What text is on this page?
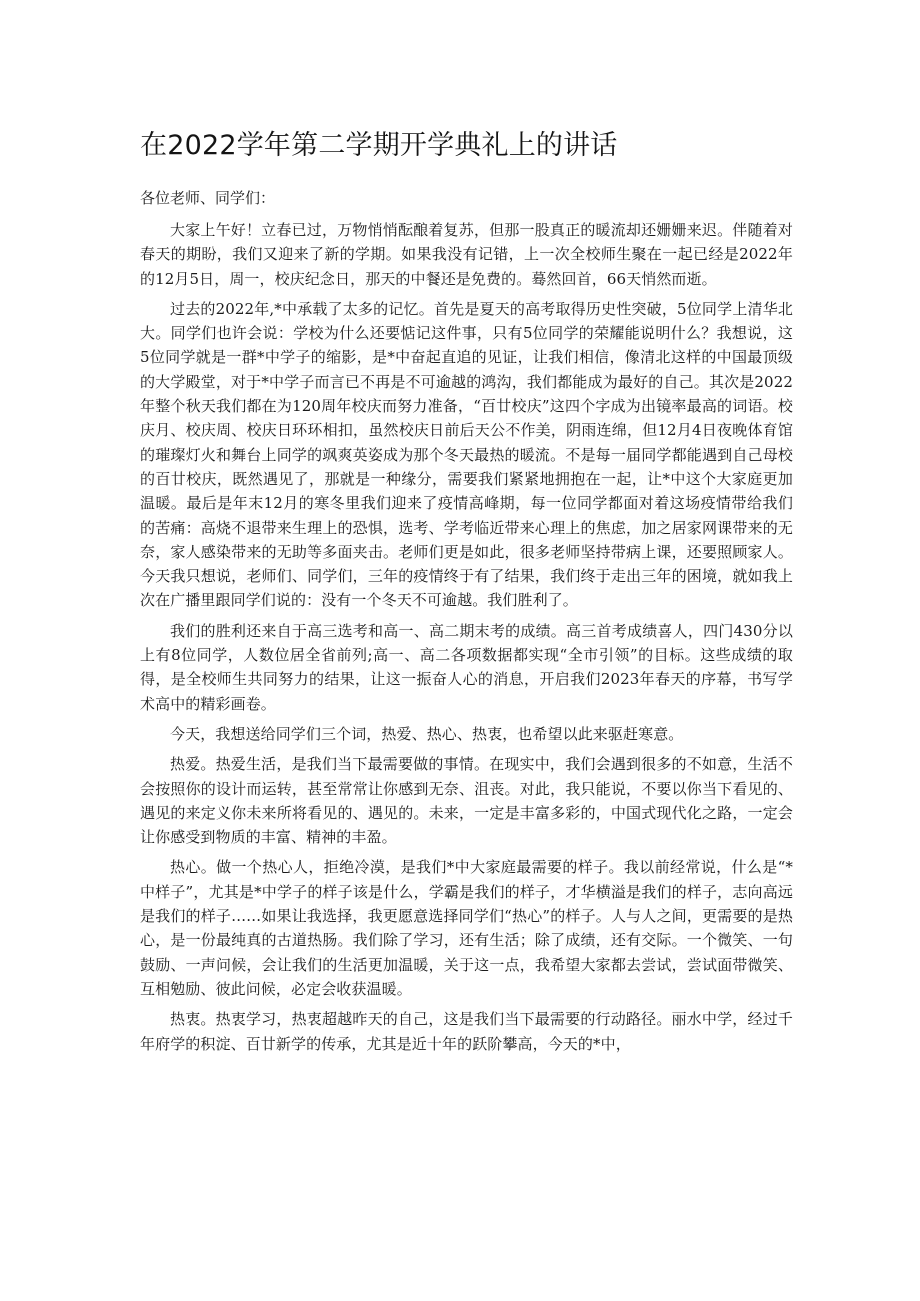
在2022学年第二学期开学典礼上的讲话

各位老师、同学们：

大家上午好！立春已过，万物悄悄酝酿着复苏，但那一股真正的暖流却还姗姗来迟。伴随着对春天的期盼，我们又迎来了新的学期。如果我没有记错，上一次全校师生聚在一起已经是2022年的12月5日，周一，校庆纪念日，那天的中餐还是免费的。蓦然回首，66天悄然而逝。

过去的2022年,*中承载了太多的记忆。首先是夏天的高考取得历史性突破，5位同学上清华北大。同学们也许会说：学校为什么还要惦记这件事，只有5位同学的荣耀能说明什么？我想说，这5位同学就是一群*中学子的缩影，是*中奋起直追的见证，让我们相信，像清北这样的中国最顶级的大学殿堂，对于*中学子而言已不再是不可逾越的鸿沟，我们都能成为最好的自己。其次是2022年整个秋天我们都在为120周年校庆而努力准备，“百廿校庆”这四个字成为出镜率最高的词语。校庆月、校庆周、校庆日环环相扣，虽然校庆日前后天公不作美，阴雨连绵，但12月4日夜晚体育馆的璀璨灯火和舞台上同学的飒爽英姿成为那个冬天最热的暖流。不是每一届同学都能遇到自己母校的百廿校庆，既然遇见了，那就是一种缘分，需要我们紧紧地拥抱在一起，让*中这个大家庭更加温暖。最后是年末12月的寒冬里我们迎来了疫情高峰期，每一位同学都面对着这场疫情带给我们的苦痛：高烧不退带来生理上的恐惧，选考、学考临近带来心理上的焦虑，加之居家网课带来的无奈，家人感染带来的无助等多面夹击。老师们更是如此，很多老师坚持带病上课，还要照顾家人。今天我只想说，老师们、同学们，三年的疫情终于有了结果，我们终于走出三年的困境，就如我上次在广播里跟同学们说的：没有一个冬天不可逾越。我们胜利了。

我们的胜利还来自于高三选考和高一、高二期末考的成绩。高三首考成绩喜人，四门430分以上有8位同学，人数位居全省前列;高一、高二各项数据都实现“全市引领”的目标。这些成绩的取得，是全校师生共同努力的结果，让这一振奋人心的消息，开启我们2023年春天的序幕，书写学术高中的精彩画卷。

今天，我想送给同学们三个词，热爱、热心、热衷，也希望以此来驱赶寒意。

热爱。热爱生活，是我们当下最需要做的事情。在现实中，我们会遇到很多的不如意，生活不会按照你的设计而运转，甚至常常让你感到无奈、沮丧。对此，我只能说，不要以你当下看见的、遇见的来定义你未来所将看见的、遇见的。未来，一定是丰富多彩的，中国式现代化之路，一定会让你感受到物质的丰富、精神的丰盈。

热心。做一个热心人，拒绝冷漠，是我们*中大家庭最需要的样子。我以前经常说，什么是“*中样子”，尤其是*中学子的样子该是什么，学霸是我们的样子，才华横溢是我们的样子，志向高远是我们的样子……如果让我选择，我更愿意选择同学们“热心”的样子。人与人之间，更需要的是热心，是一份最纯真的古道热肠。我们除了学习，还有生活；除了成绩，还有交际。一个微笑、一句鼓励、一声问候，会让我们的生活更加温暖，关于这一点，我希望大家都去尝试，尝试面带微笑、互相勉励、彼此问候，必定会收获温暖。

热衷。热衷学习，热衷超越昨天的自己，这是我们当下最需要的行动路径。丽水中学，经过千年府学的积淀、百廿新学的传承，尤其是近十年的跃阶攀高，今天的*中，
